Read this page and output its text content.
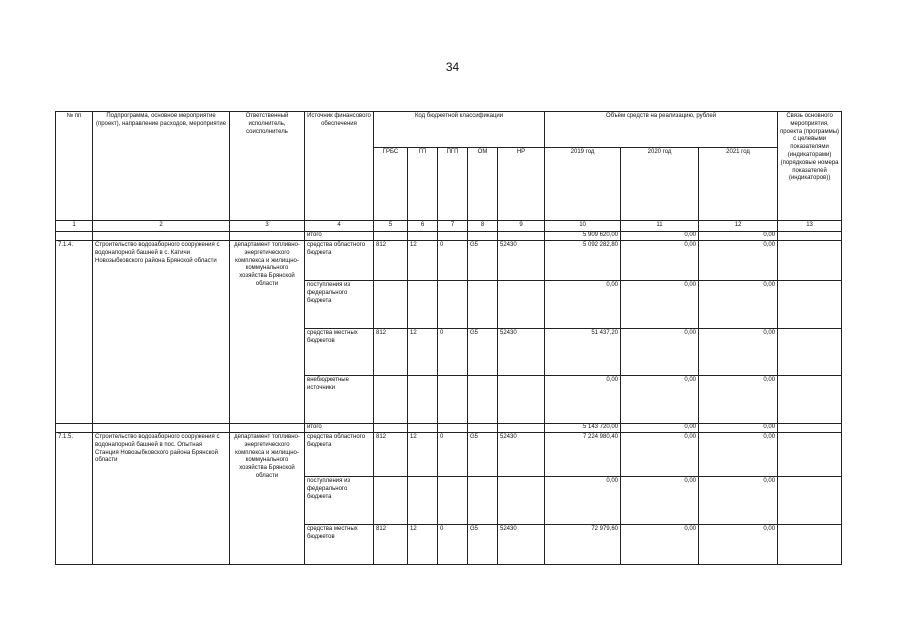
34
№ пп	Подпрограмма, основное мероприятие (проект), направление расходов, мероприятие	Ответственный исполнитель, соисполнитель	Источник финансового обеспечения	Код бюджетной классификации					Объём средств на реализацию, рублей			Связь основного мероприятия, проекта (программы) с целевыми показателями (индикаторами) (порядковые номера показателей (индикаторов))
				ГРБС	ГП	ПГП	ОМ	НР	2019 год	2020 год	2021 год	
1	2	3	4	5	6	7	8	9	10	11	12	13
			итого						5 909 620,00	0,00	0,00	
7.1.4.	Строительство водозаборного сооружения с водонапорной башней в с. Катичи Новозыбковского района Брянской области	департамент топливно-энергетического комплекса и жилищно-коммунального хозяйства Брянской области	средства областного бюджета	812	12	0	G5	52430	5 092 282,80	0,00	0,00	
			поступления из федерального бюджета						0,00	0,00	0,00	
			средства местных бюджетов	812	12	0	G5	52430	51 437,20	0,00	0,00	
			внебюджетные источники						0,00	0,00	0,00	
			итого						5 143 720,00	0,00	0,00	
7.1.5.	Строительство водозаборного сооружения с водонапорной башней в пос. Опытная Станция Новозыбковского района Брянской области	департамент топливно-энергетического комплекса и жилищно-коммунального хозяйства Брянской области	средства областного бюджета	812	12	0	G5	52430	7 224 980,40	0,00	0,00	
			поступления из федерального бюджета						0,00	0,00	0,00	
			средства местных бюджетов	812	12	0	G5	52430	72 979,60	0,00	0,00	
